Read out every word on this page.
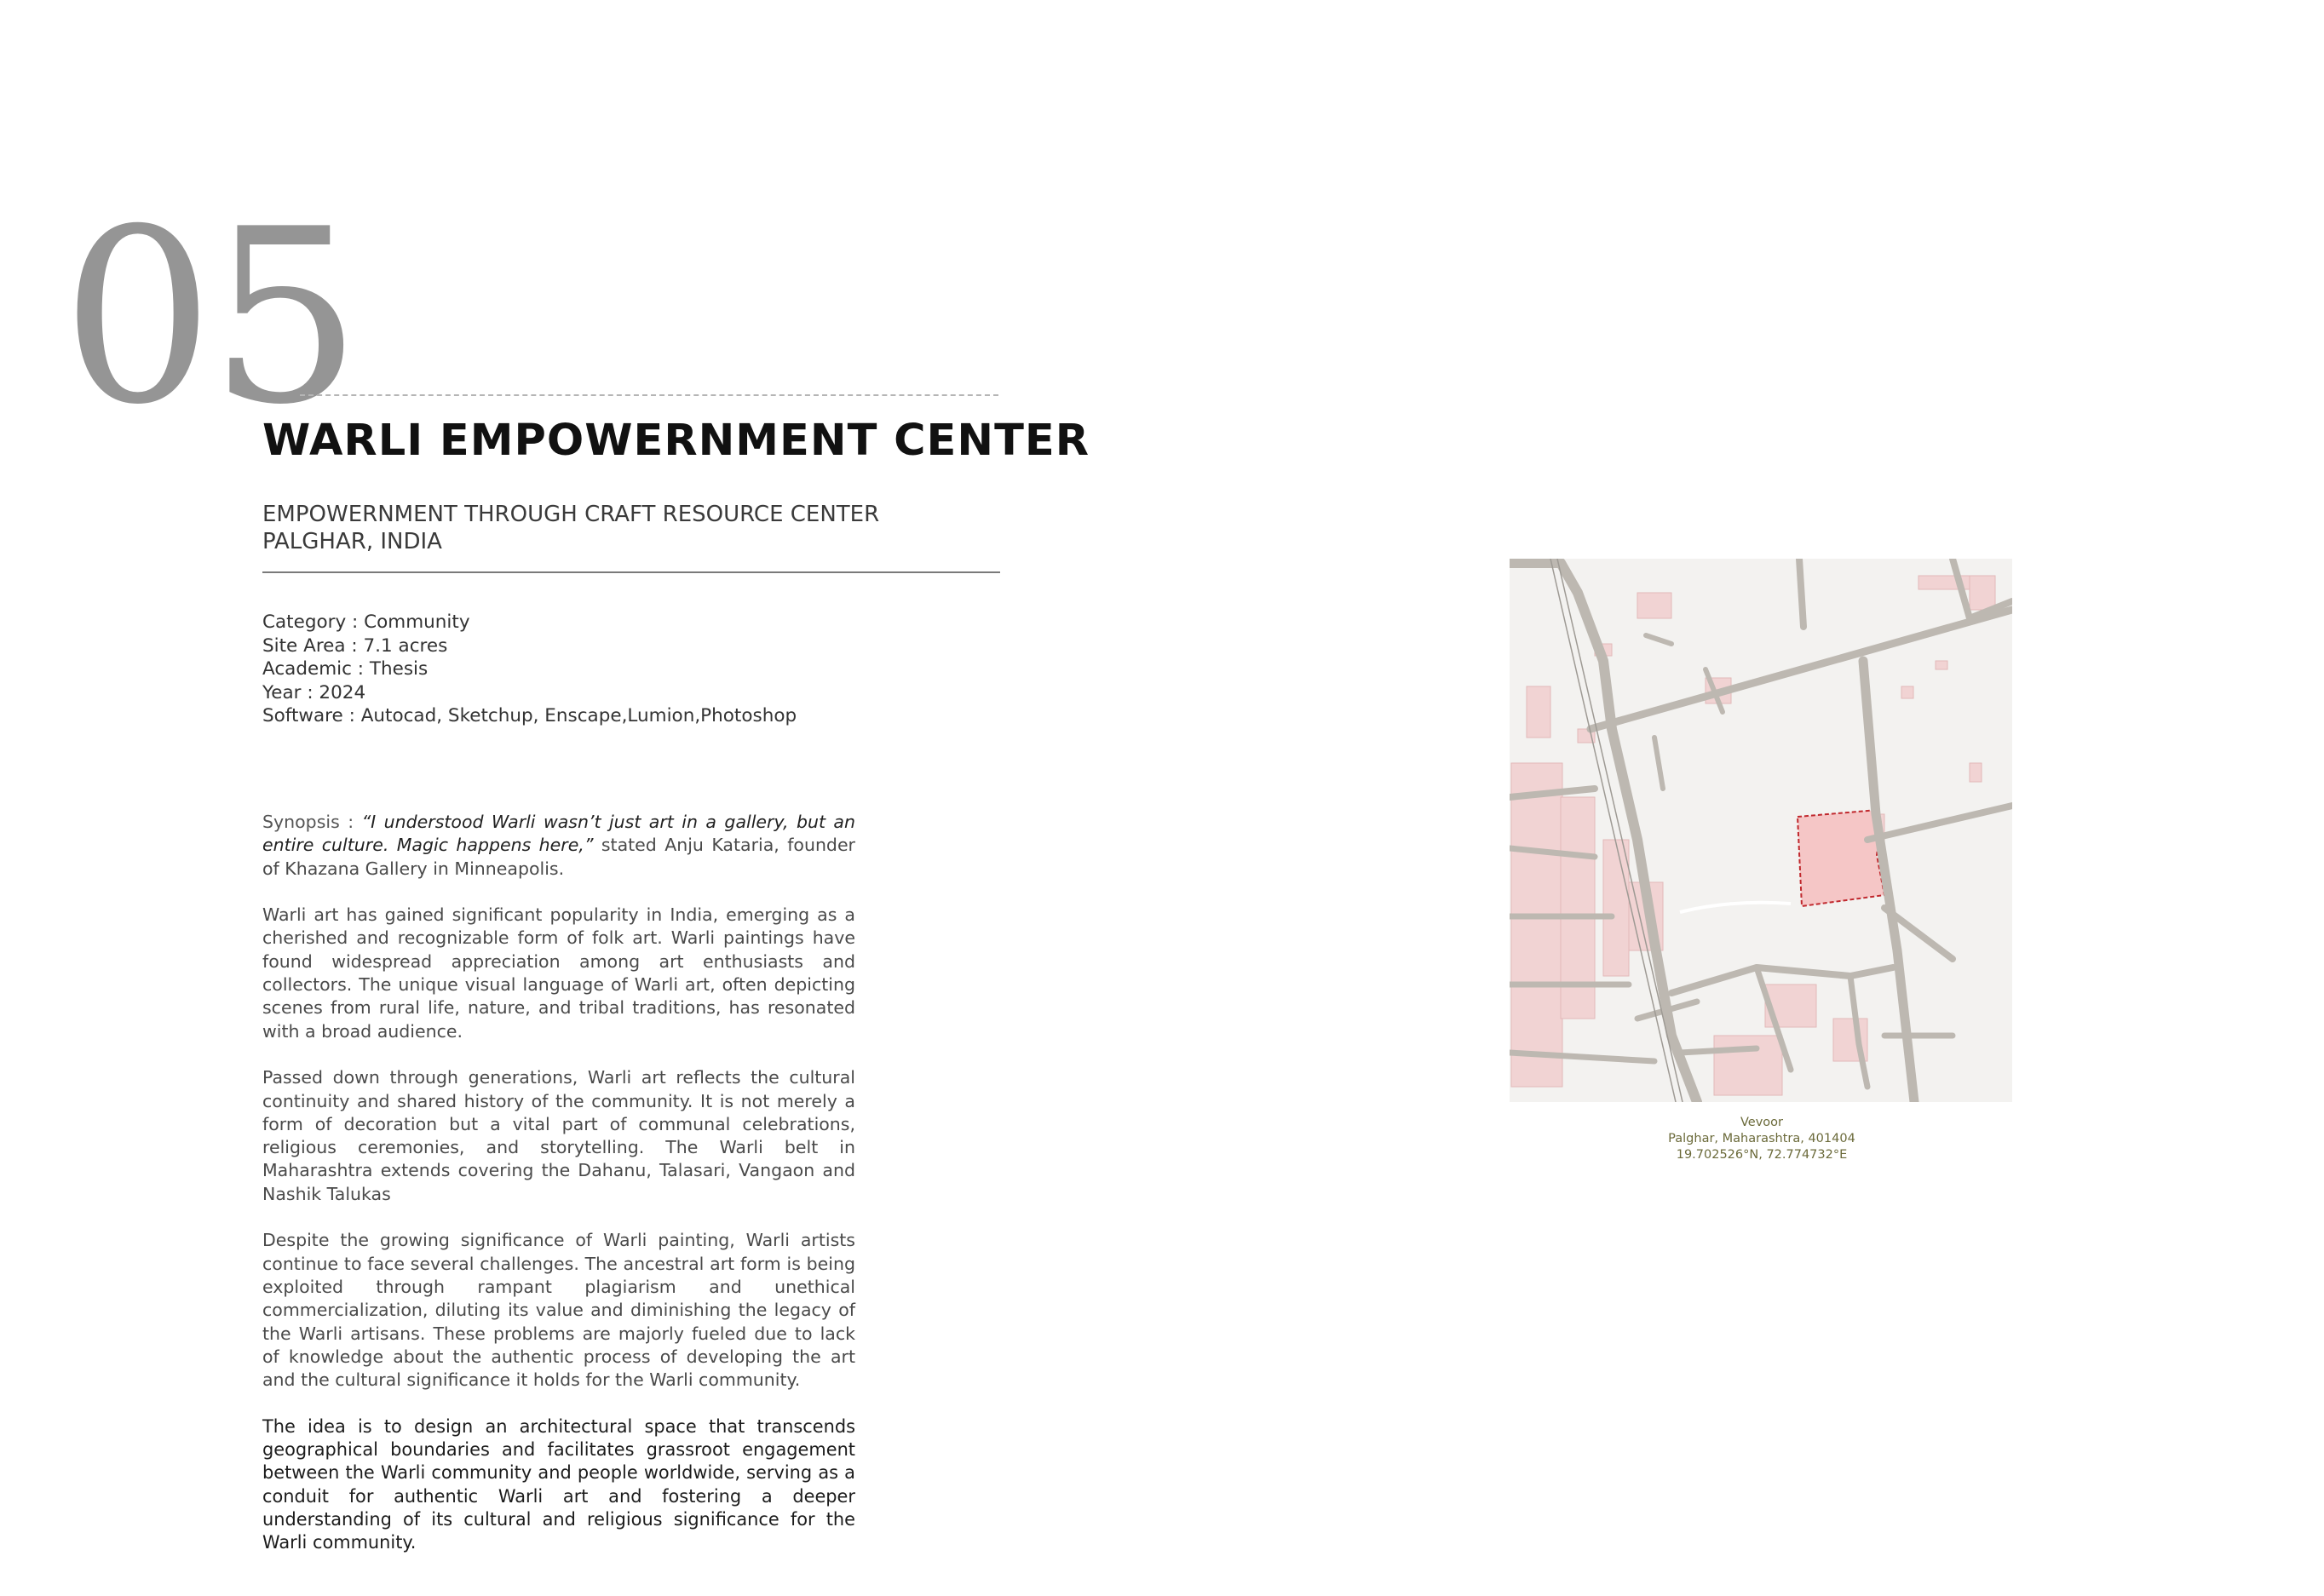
05
WARLI EMPOWERNMENT CENTER
EMPOWERNMENT THROUGH CRAFT RESOURCE CENTER
PALGHAR, INDIA
Category : Community
Site Area : 7.1 acres
Academic : Thesis
Year : 2024
Software : Autocad, Sketchup, Enscape,Lumion,Photoshop

Synopsis : “I understood Warli wasn’t just art in a gallery, but an entire culture. Magic happens here,” stated Anju Kataria, founder of Khazana Gallery in Minneapolis.

Warli art has gained significant popularity in India, emerging as a cherished and recognizable form of folk art. Warli paintings have found widespread appreciation among art enthusiasts and collectors. The unique visual language of Warli art, often depicting scenes from rural life, nature, and tribal traditions, has resonated with a broad audience.

Passed down through generations, Warli art reflects the cultural continuity and shared history of the community. It is not merely a form of decoration but a vital part of communal celebrations, religious ceremonies, and storytelling. The Warli belt in Maharashtra extends covering the Dahanu, Talasari, Vangaon and Nashik Talukas

Despite the growing significance of Warli painting, Warli artists continue to face several challenges. The ancestral art form is being exploited through rampant plagiarism and unethical commercialization, diluting its value and diminishing the legacy of the Warli artisans. These problems are majorly fueled due to lack of knowledge about the authentic process of developing the art and the cultural significance it holds for the Warli community.

The idea is to design an architectural space that transcends geographical boundaries and facilitates grassroot engagement between the Warli community and people worldwide, serving as a conduit for authentic Warli art and fostering a deeper understanding of its cultural and religious significance for the Warli community.

Vevoor
Palghar, Maharashtra, 401404
19.702526°N, 72.774732°E
